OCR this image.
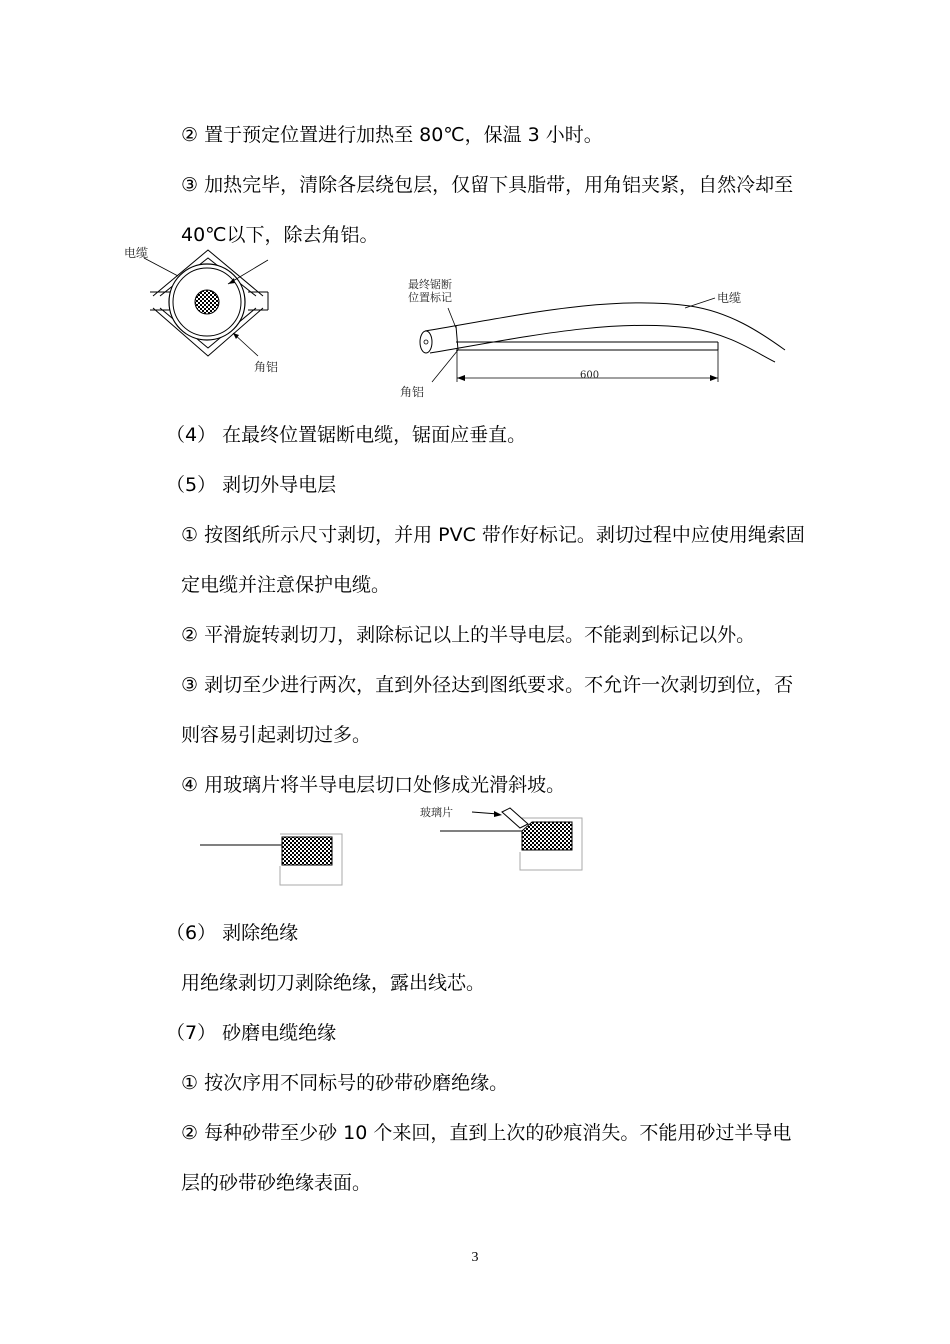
② 置于预定位置进行加热至 80℃，保温 3 小时。
③ 加热完毕，清除各层绕包层，仅留下具脂带，用角铝夹紧，自然冷却至
40℃以下，除去角铝。
电缆
角铝
最终锯断
位置标记	电缆
角铝
600
（4） 在最终位置锯断电缆，锯面应垂直。
（5） 剥切外导电层
① 按图纸所示尺寸剥切，并用 PVC 带作好标记。剥切过程中应使用绳索固
定电缆并注意保护电缆。
② 平滑旋转剥切刀，剥除标记以上的半导电层。不能剥到标记以外。
③ 剥切至少进行两次，直到外径达到图纸要求。不允许一次剥切到位，否
则容易引起剥切过多。
④ 用玻璃片将半导电层切口处修成光滑斜坡。
玻璃片
（6） 剥除绝缘
用绝缘剥切刀剥除绝缘，露出线芯。
（7） 砂磨电缆绝缘
① 按次序用不同标号的砂带砂磨绝缘。
② 每种砂带至少砂 10 个来回，直到上次的砂痕消失。不能用砂过半导电
层的砂带砂绝缘表面。
3
